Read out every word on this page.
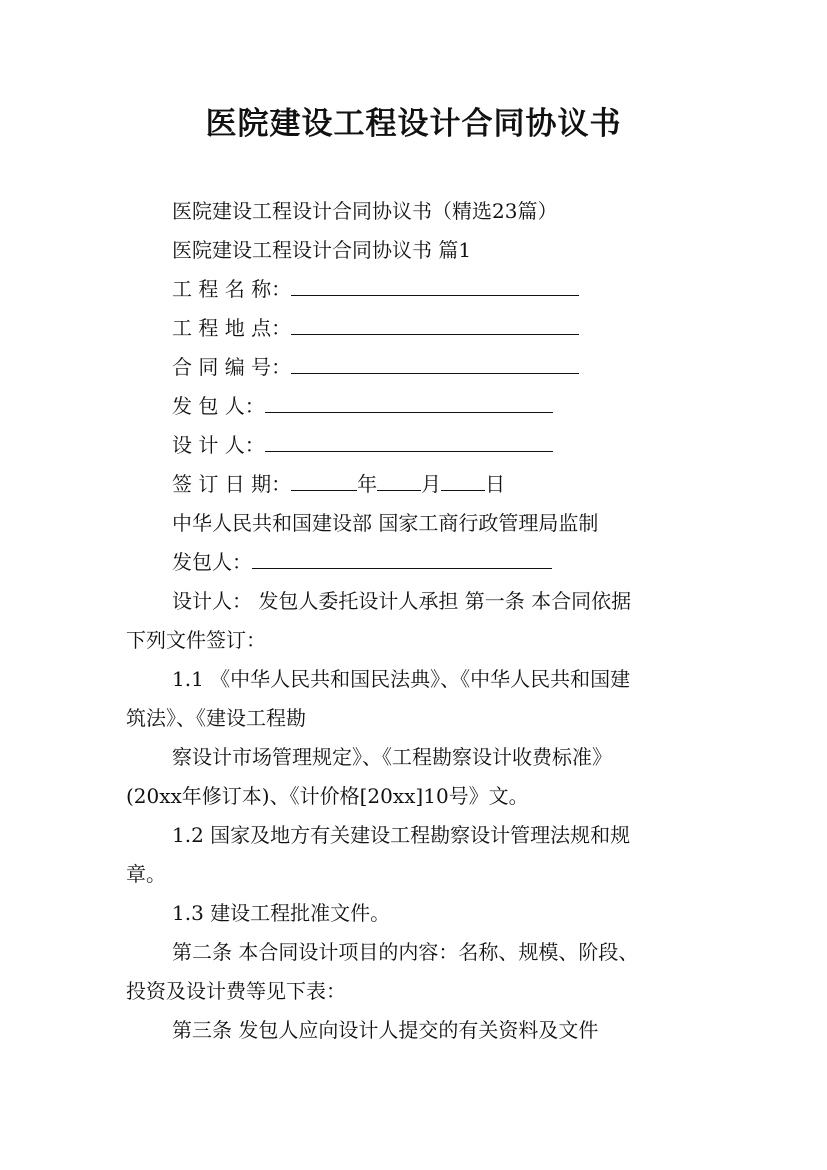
医院建设工程设计合同协议书
医院建设工程设计合同协议书（精选23篇）
医院建设工程设计合同协议书 篇1
工 程 名 称：
工 程 地 点：
合 同 编 号：
发 包 人：
设 计 人：
签 订 日 期：	年 月 日
中华人民共和国建设部 国家工商行政管理局监制
发包人：
设计人： 发包人委托设计人承担 第一条 本合同依据
下列文件签订：
1.1 《中华人民共和国民法典》、《中华人民共和国建
筑法》、《建设工程勘
察设计市场管理规定》、《工程勘察设计收费标准》
(20xx年修订本)、《计价格[20xx]10号》文。
1.2 国家及地方有关建设工程勘察设计管理法规和规
章。
1.3 建设工程批准文件。
第二条 本合同设计项目的内容：名称、规模、阶段、
投资及设计费等见下表：
第三条 发包人应向设计人提交的有关资料及文件
